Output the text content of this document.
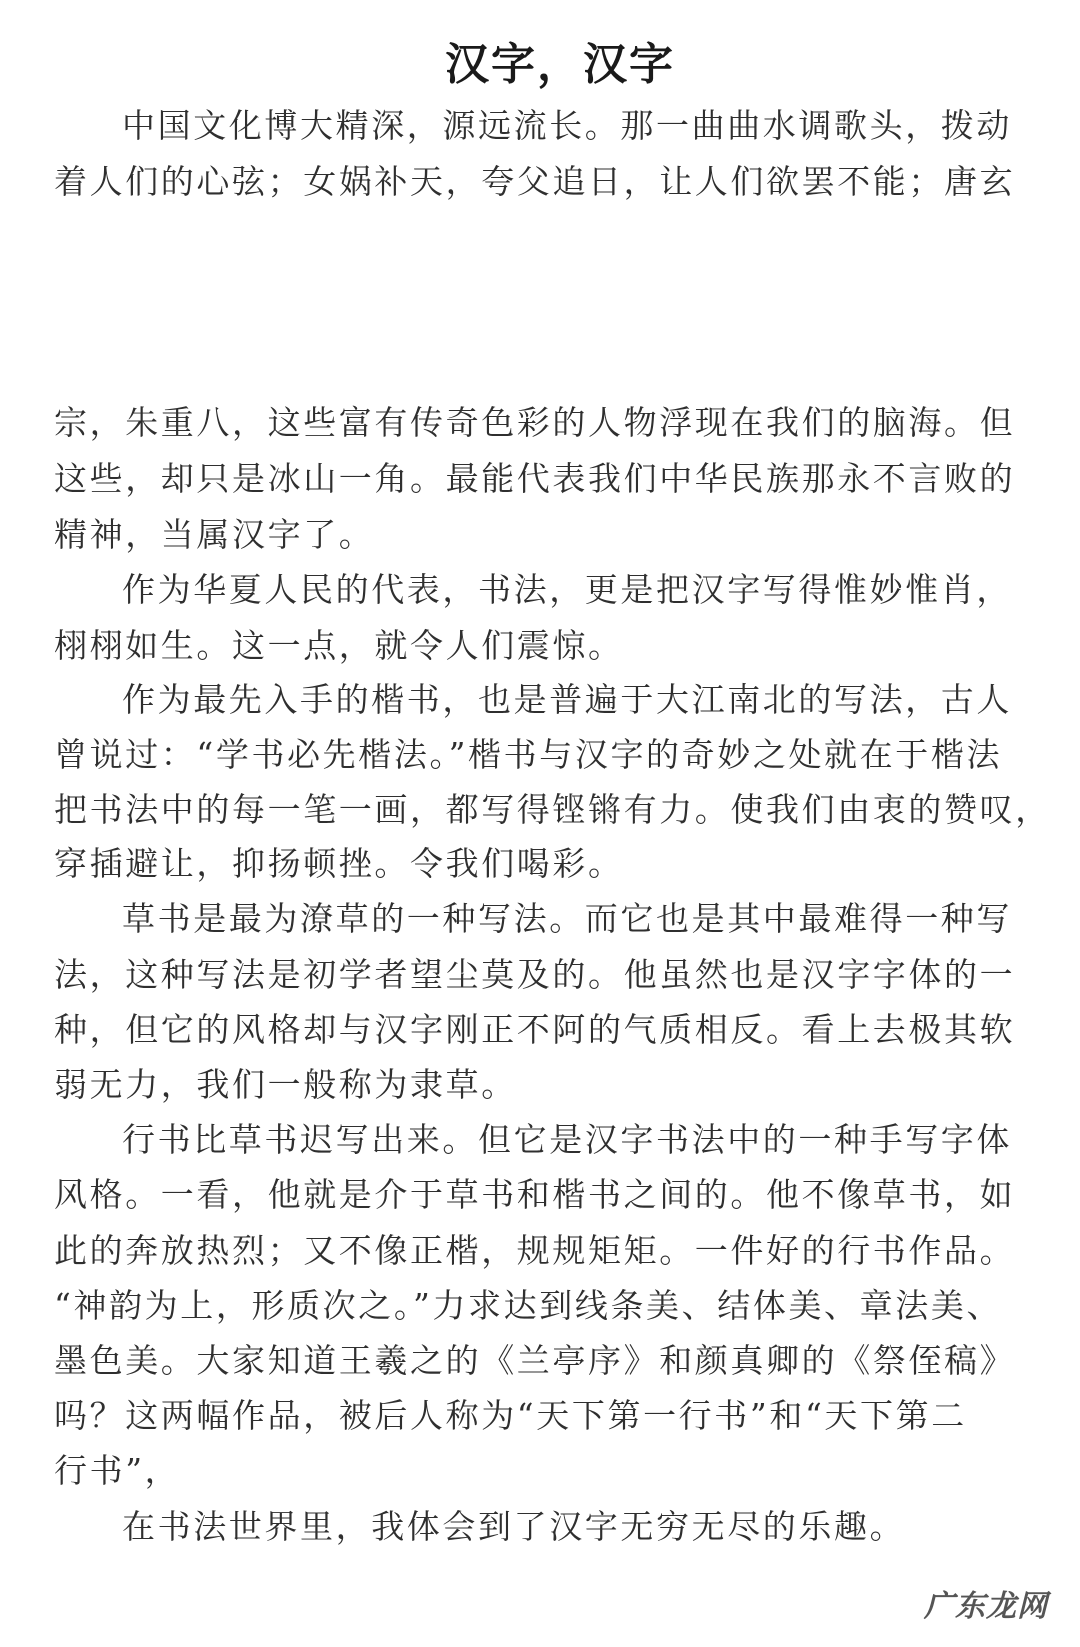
汉字，汉字
中国文化博大精深，源远流长。那一曲曲水调歌头，拨动
着人们的心弦；女娲补天，夸父追日，让人们欲罢不能；唐玄
宗，朱重八，这些富有传奇色彩的人物浮现在我们的脑海。但
这些，却只是冰山一角。最能代表我们中华民族那永不言败的
精神，当属汉字了。
作为华夏人民的代表，书法，更是把汉字写得惟妙惟肖，
栩栩如生。这一点，就令人们震惊。
作为最先入手的楷书，也是普遍于大江南北的写法，古人
曾说过：“学书必先楷法。”楷书与汉字的奇妙之处就在于楷法
把书法中的每一笔一画，都写得铿锵有力。使我们由衷的赞叹，
穿插避让，抑扬顿挫。令我们喝彩。
草书是最为潦草的一种写法。而它也是其中最难得一种写
法，这种写法是初学者望尘莫及的。他虽然也是汉字字体的一
种，但它的风格却与汉字刚正不阿的气质相反。看上去极其软
弱无力，我们一般称为隶草。
行书比草书迟写出来。但它是汉字书法中的一种手写字体
风格。一看，他就是介于草书和楷书之间的。他不像草书，如
此的奔放热烈；又不像正楷，规规矩矩。一件好的行书作品。
“神韵为上，形质次之。”力求达到线条美、结体美、章法美、
墨色美。大家知道王羲之的《兰亭序》和颜真卿的《祭侄稿》
吗？这两幅作品，被后人称为“天下第一行书”和“天下第二
行书”，
在书法世界里，我体会到了汉字无穷无尽的乐趣。
广东龙网
